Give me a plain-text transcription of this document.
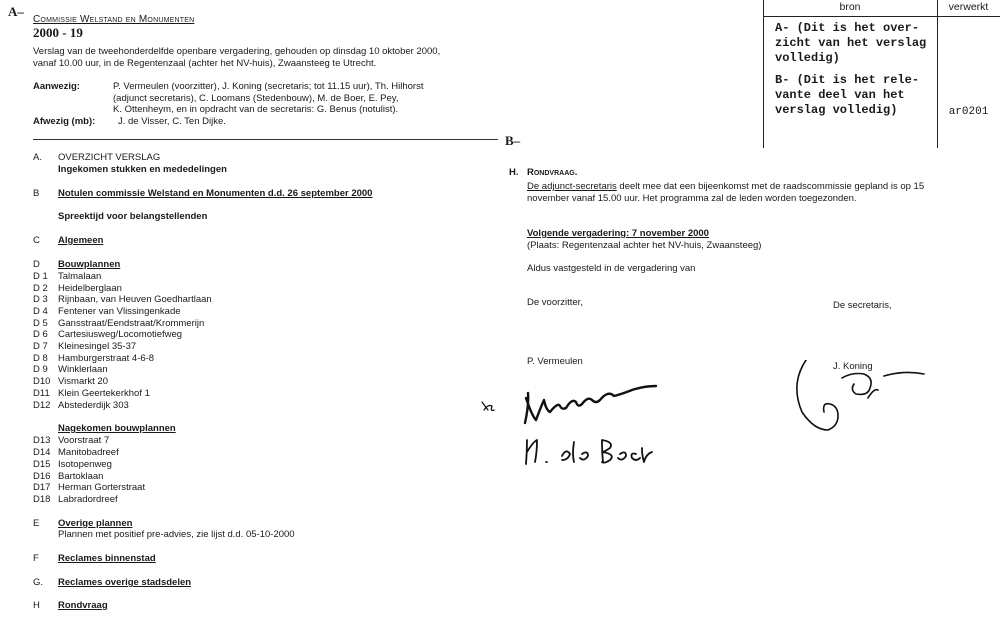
A–
B–
Commissie Welstand en Monumenten
2000 - 19
Verslag van de tweehonderdelfde openbare vergadering, gehouden op dinsdag 10 oktober 2000,
vanaf 10.00 uur, in de Regentenzaal (achter het NV-huis), Zwaansteeg te Utrecht.
Aanwezig:	P. Vermeulen (voorzitter), J. Koning (secretaris; tot 11.15 uur), Th. Hilhorst
(adjunct secretaris), C. Loomans (Stedenbouw), M. de Boer, E. Pey,
K. Ottenheym, en in opdracht van de secretaris: G. Benus (notulist).
Afwezig (mb):	J. de Visser, C. Ten Dijke.
A.	OVERZICHT VERSLAG
Ingekomen stukken en mededelingen
B	Notulen commissie Welstand en Monumenten d.d. 26 september 2000
Spreektijd voor belangstellenden
C	Algemeen
D	Bouwplannen
D 1	Talmalaan
D 2	Heidelberglaan
D 3	Rijnbaan, van Heuven Goedhartlaan
D 4	Fentener van Vlissingenkade
D 5	Gansstraat/Eendstraat/Krommerijn
D 6	Cartesiusweg/Locomotiefweg
D 7	Kleinesingel 35-37
D 8	Hamburgerstraat 4-6-8
D 9	Winklerlaan
D10 Vismarkt 20
D11 Klein Geertekerkhof 1
D12 Abstederdijk 303
Nagekomen bouwplannen
D13 Voorstraat 7
D14 Manitobadreef
D15 Isotopenweg
D16 Bartoklaan
D17 Herman Gorterstraat
D18 Labradordreef
E	Overige plannen
Plannen met positief pre-advies, zie lijst d.d. 05-10-2000
F	Reclames binnenstad
G.	Reclames overige stadsdelen
H	Rondvraag
bron	verwerkt
A- (Dit is het over-
zicht van het verslag
volledig)
B- (Dit is het rele-
vante deel van het
verslag volledig)	ar0201
H. Rondvraag.
De adjunct-secretaris deelt mee dat een bijeenkomst met de raadscommissie gepland is op 15
november vanaf 15.00 uur. Het programma zal de leden worden toegezonden.
Volgende vergadering: 7 november 2000
(Plaats: Regentenzaal achter het NV-huis, Zwaansteeg)
Aldus vastgesteld in de vergadering van
De voorzitter,	De secretaris,
P. Vermeulen	J. Koning
